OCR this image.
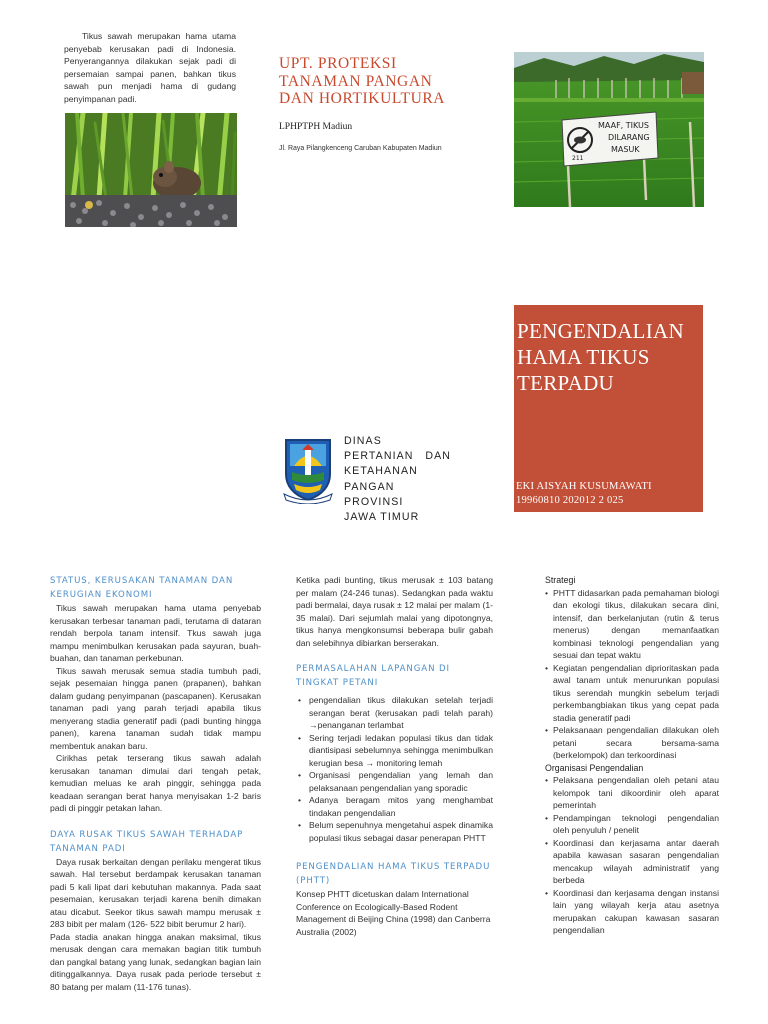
Tikus sawah merupakan hama utama penyebab kerusakan padi di Indonesia. Penyerangannya dilakukan sejak padi di persemaian sampai panen, bahkan tikus sawah pun menjadi hama di gudang penyimpanan padi.

UPT. PROTEKSI TANAMAN PANGAN DAN HORTIKULTURA
LPHPTPH Madiun
Jl. Raya Pilangkenceng Caruban Kabupaten Madiun
DINAS PERTANIAN DAN KETAHANAN PANGAN PROVINSI
JAWA TIMUR
MAAF, TIKUS
DILARANG
MASUK
211
PENGENDALIAN HAMA TIKUS TERPADU
EKI AISYAH KUSUMAWATI
19960810 202012 2 025
STATUS, KERUSAKAN TANAMAN DAN KERUGIAN EKONOMI

Tikus sawah merupakan hama utama penyebab kerusakan terbesar tanaman padi, terutama di dataran rendah berpola tanam intensif. Tkus sawah juga mampu menimbulkan kerusakan pada sayuran, buah-buahan, dan tanaman perkebunan.

Tikus sawah merusak semua stadia tumbuh padi, sejak pesemaian hingga panen (prapanen), bahkan dalam gudang penyimpanan (pascapanen). Kerusakan tanaman padi yang parah terjadi apabila tikus menyerang stadia generatif padi (padi bunting hingga panen), karena tanaman sudah tidak mampu membentuk anakan baru.

Cirikhas petak terserang tikus sawah adalah kerusakan tanaman dimulai dari tengah petak, kemudian meluas ke arah pinggir, sehingga pada keadaan serangan berat hanya menyisakan 1-2 baris padi di pinggir petakan lahan.

DAYA RUSAK TIKUS SAWAH TERHADAP TANAMAN PADI

Daya rusak berkaitan dengan perilaku mengerat tikus sawah. Hal tersebut berdampak kerusakan tanaman padi 5 kali lipat dari kebutuhan makannya. Pada saat pesemaian, kerusakan terjadi karena benih dimakan atau dicabut. Seekor tikus sawah mampu merusak ± 283 bibit per malam (126- 522 bibit berumur 2 hari).

Pada stadia anakan hingga anakan maksimal, tikus merusak dengan cara memakan bagian titik tumbuh dan pangkal batang yang lunak, sedangkan bagian lain ditinggalkannya. Daya rusak pada periode tersebut ± 80 batang per malam (11-176 tunas).

Ketika padi bunting, tikus merusak ± 103 batang per malam (24-246 tunas). Sedangkan pada waktu padi bermalai, daya rusak ± 12 malai per malam (1-35 malai). Dari sejumlah malai yang dipotongnya, tikus hanya mengkonsumsi beberapa bulir gabah dan selebihnya dibiarkan berserakan.

PERMASALAHAN LAPANGAN DI TINGKAT PETANI
• pengendalian tikus dilakukan setelah terjadi serangan berat (kerusakan padi telah parah) →penanganan terlambat
• Sering terjadi ledakan populasi tikus dan tidak diantisipasi sebelumnya sehingga menimbulkan kerugian besa → monitoring lemah
• Organisasi pengendalian yang lemah dan pelaksanaan pengendalian yang sporadic
• Adanya beragam mitos yang menghambat tindakan pengendalian
• Belum sepenuhnya mengetahui aspek dinamika populasi tikus sebagai dasar penerapan PHTT
PENGENDALIAN HAMA TIKUS TERPADU (PHTT)

Konsep PHTT dicetuskan dalam International Conference on Ecologically-Based Rodent Management di Beijing China (1998) dan Canberra Australia (2002)

Strategi
• PHTT didasarkan pada pemahaman biologi dan ekologi tikus, dilakukan secara dini, intensif, dan berkelanjutan (rutin & terus menerus) dengan memanfaatkan kombinasi teknologi pengendalian yang sesuai dan tepat waktu
• Kegiatan pengendalian diprioritaskan pada awal tanam untuk menurunkan populasi tikus serendah mungkin sebelum terjadi perkembangbiakan tikus yang cepat pada stadia generatif padi
• Pelaksanaan pengendalian dilakukan oleh petani secara bersama-sama (berkelompok) dan terkoordinasi
Organisasi Pengendalian
• Pelaksana pengendalian oleh petani atau kelompok tani dikoordinir oleh aparat pemerintah
• Pendampingan teknologi pengendalian oleh penyuluh / penelit
• Koordinasi dan kerjasama antar daerah apabila kawasan sasaran pengendalian mencakup wilayah administratif yang berbeda
• Koordinasi dan kerjasama dengan instansi lain yang wilayah kerja atau asetnya merupakan cakupan kawasan sasaran pengendalian
